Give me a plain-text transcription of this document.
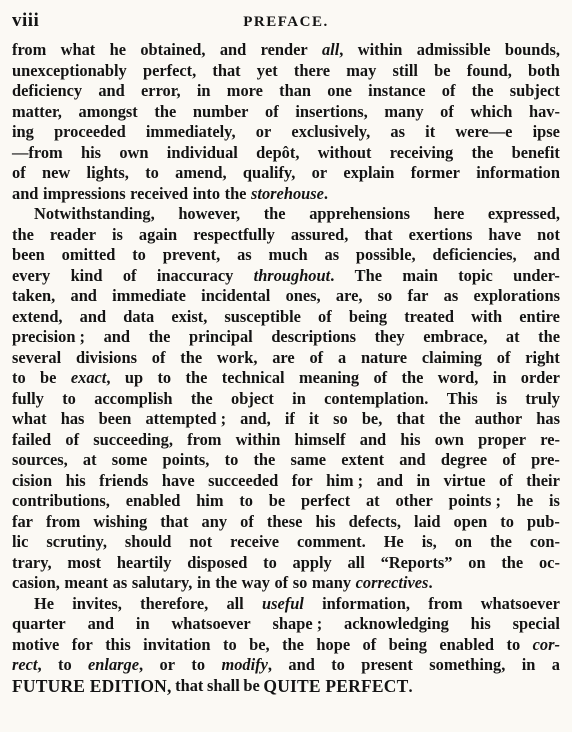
viii	PREFACE.
from what he obtained, and render all, within admissible bounds,
unexceptionably perfect, that yet there may still be found, both
deficiency and error, in more than one instance of the subject
matter, amongst the number of insertions, many of which hav-
ing proceeded immediately, or exclusively, as it were—e ipse
—from his own individual depôt, without receiving the benefit
of new lights, to amend, qualify, or explain former information
and impressions received into the storehouse.
Notwithstanding, however, the apprehensions here expressed,
the reader is again respectfully assured, that exertions have not
been omitted to prevent, as much as possible, deficiencies, and
every kind of inaccuracy throughout. The main topic under-
taken, and immediate incidental ones, are, so far as explorations
extend, and data exist, susceptible of being treated with entire
precision ; and the principal descriptions they embrace, at the
several divisions of the work, are of a nature claiming of right
to be exact, up to the technical meaning of the word, in order
fully to accomplish the object in contemplation. This is truly
what has been attempted ; and, if it so be, that the author has
failed of succeeding, from within himself and his own proper re-
sources, at some points, to the same extent and degree of pre-
cision his friends have succeeded for him ; and in virtue of their
contributions, enabled him to be perfect at other points ; he is
far from wishing that any of these his defects, laid open to pub-
lic scrutiny, should not receive comment. He is, on the con-
trary, most heartily disposed to apply all “Reports” on the oc-
casion, meant as salutary, in the way of so many correctives.
He invites, therefore, all useful information, from whatsoever
quarter and in whatsoever shape ; acknowledging his special
motive for this invitation to be, the hope of being enabled to cor-
rect, to enlarge, or to modify, and to present something, in a
FUTURE EDITION, that shall be QUITE PERFECT.
